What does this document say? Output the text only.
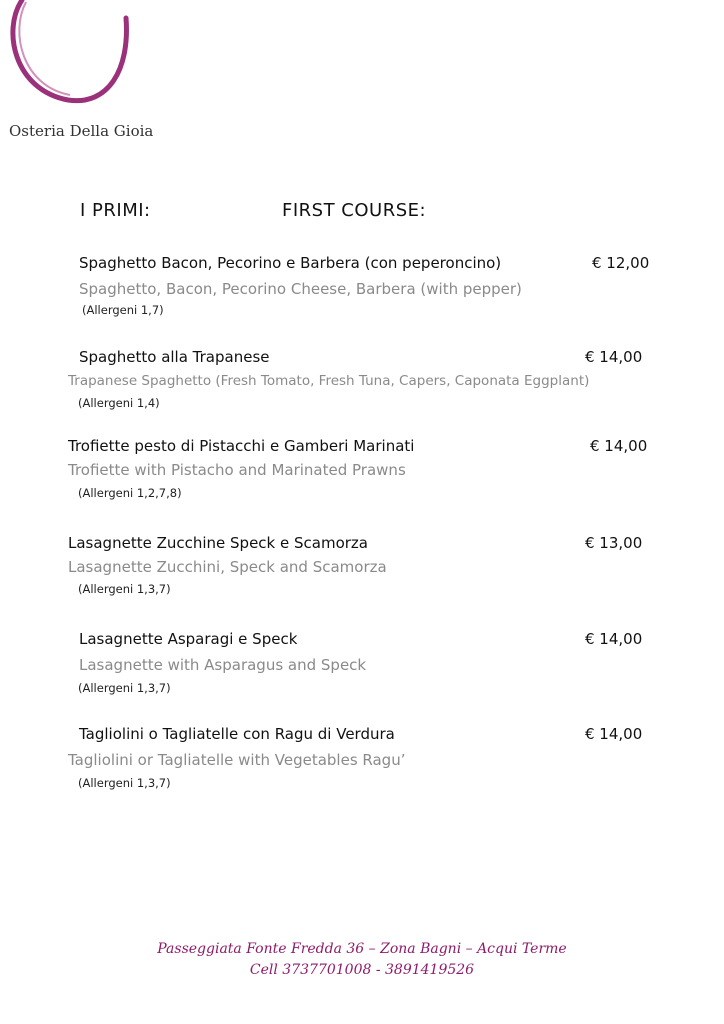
Osteria Della Gioia
I PRIMI:	FIRST COURSE:
Spaghetto Bacon, Pecorino e Barbera (con peperoncino)	€ 12,00
Spaghetto, Bacon, Pecorino Cheese, Barbera (with pepper)
(Allergeni 1,7)
Spaghetto alla Trapanese	€ 14,00
Trapanese Spaghetto (Fresh Tomato, Fresh Tuna, Capers, Caponata Eggplant)
(Allergeni 1,4)
Trofiette pesto di Pistacchi e Gamberi Marinati	€ 14,00
Trofiette with Pistacho and Marinated Prawns
(Allergeni 1,2,7,8)
Lasagnette Zucchine Speck e Scamorza	€ 13,00
Lasagnette Zucchini, Speck and Scamorza
(Allergeni 1,3,7)
Lasagnette Asparagi e Speck	€ 14,00
Lasagnette with Asparagus and Speck
(Allergeni 1,3,7)
Tagliolini o Tagliatelle con Ragu di Verdura	€ 14,00
Tagliolini or Tagliatelle with Vegetables Ragu’
(Allergeni 1,3,7)
Passeggiata Fonte Fredda 36 – Zona Bagni – Acqui Terme
Cell 3737701008 - 3891419526
